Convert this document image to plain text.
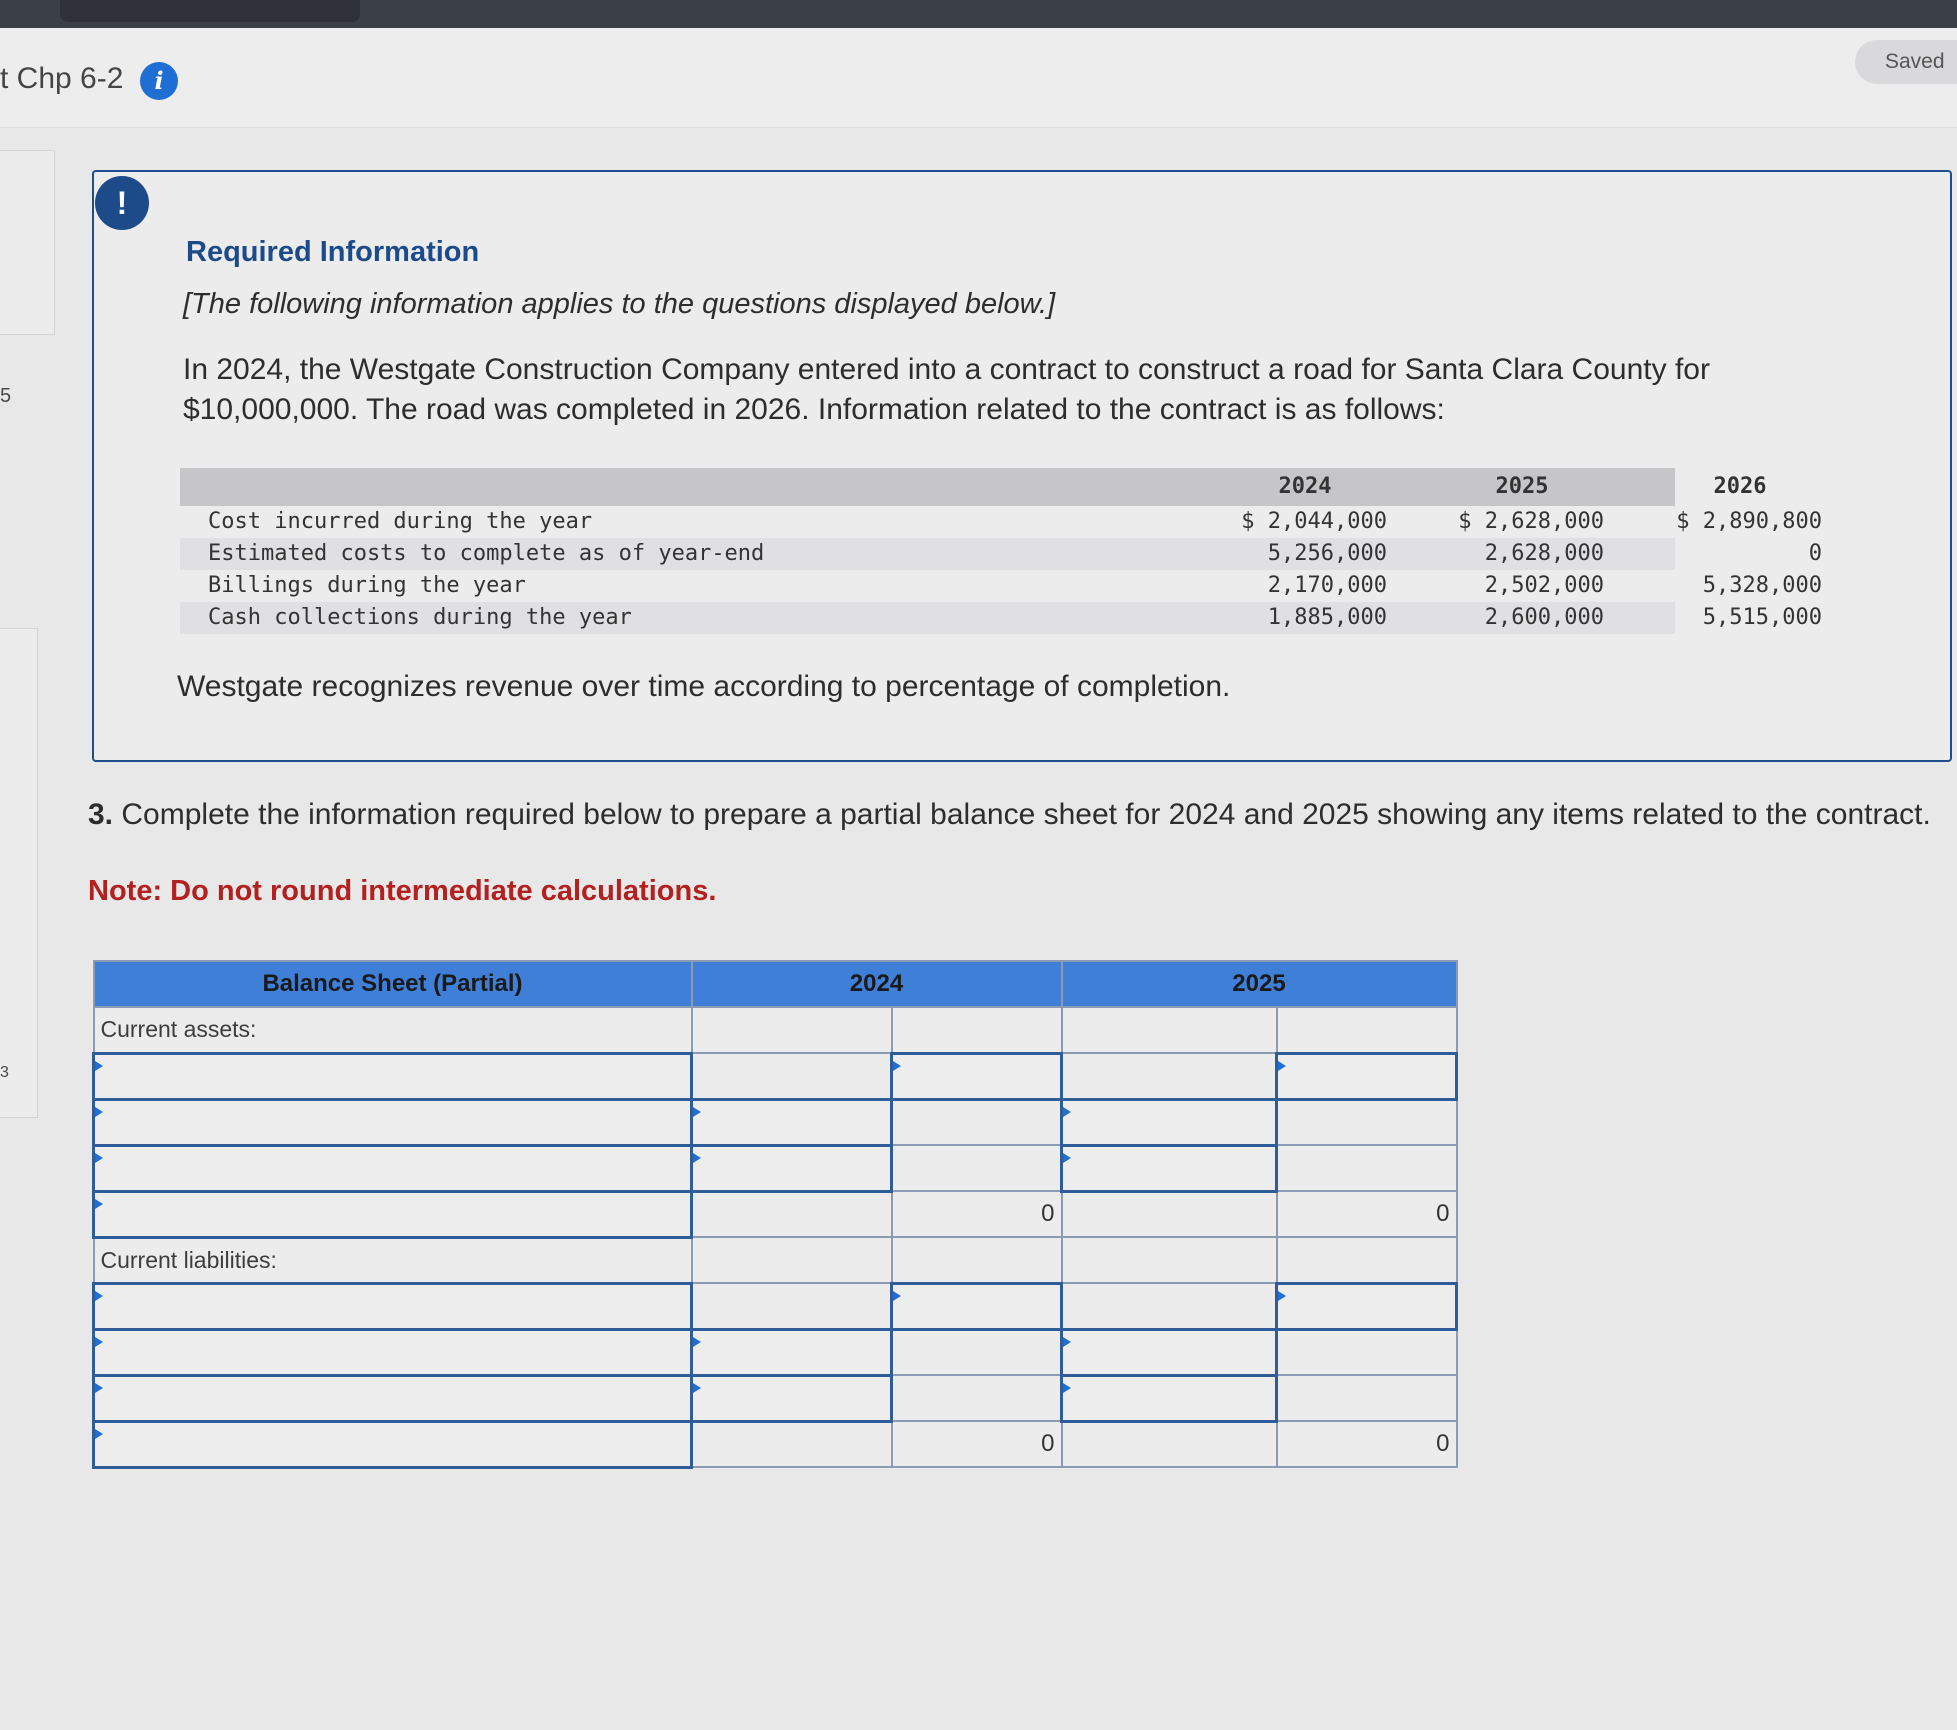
t Chp 6-2	i
Saved
5
3
!
Required Information
[The following information applies to the questions displayed below.]
In 2024, the Westgate Construction Company entered into a contract to construct a road for Santa Clara County for $10,000,000. The road was completed in 2026. Information related to the contract is as follows:
2024	2025	2026
Cost incurred during the year	$ 2,044,000	$ 2,628,000	$ 2,890,800
Estimated costs to complete as of year-end	5,256,000	2,628,000	0
Billings during the year	2,170,000	2,502,000	5,328,000
Cash collections during the year	1,885,000	2,600,000	5,515,000
Westgate recognizes revenue over time according to percentage of completion.
3. Complete the information required below to prepare a partial balance sheet for 2024 and 2025 showing any items related to the contract.
Note: Do not round intermediate calculations.
Balance Sheet (Partial)	2024		2025	
Current assets:				

		0		0
Current liabilities:				

		0		0
